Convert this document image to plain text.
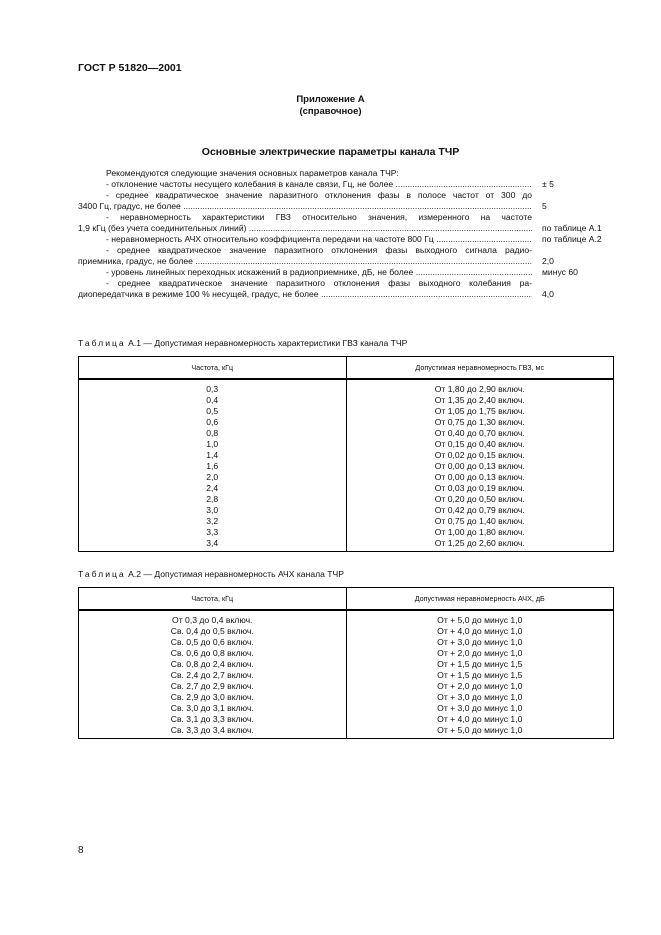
ГОСТ Р 51820—2001
Приложение А
(справочное)
Основные электрические параметры канала ТЧР
Рекомендуются следующие значения основных параметров канала ТЧР:
- отклонение частоты несущего колебания в канале связи, Гц, не более .....	± 5
- среднее квадратическое значение паразитного отклонения фазы в полосе частот от 300 до
3400 Гц, градус, не более .....	5
- неравномерность характеристики ГВЗ относительно значения, измеренного на частоте
1,9 кГц (без учета соединительных линий) .....	по таблице А.1
- неравномерность АЧХ относительно коэффициента передачи на частоте 800 Гц .....	по таблице А.2
- среднее квадратическое значение паразитного отклонения фазы выходного сигнала радио-
приемника, градус, не более .....	2,0
- уровень линейных переходных искажений в радиоприемнике, дБ, не более .....	минус 60
- среднее квадратическое значение паразитного отклонения фазы выходного колебания ра-
диопередатчика в режиме 100 % несущей, градус, не более .....	4,0
Таблица А.1 — Допустимая неравномерность характеристики ГВЗ канала ТЧР
Частота, кГц	Допустимая неравномерность ГВЗ, мс
0,3	От 1,80 до 2,90 включ.
0,4	От 1,35 до 2,40 включ.
0,5	От 1,05 до 1,75 включ.
0,6	От 0,75 до 1,30 включ.
0,8	От 0,40 до 0,70 включ.
1,0	От 0,15 до 0,40 включ.
1,4	От 0,02 до 0,15 включ.
1,6	От 0,00 до 0,13 включ.
2,0	От 0,00 до 0,13 включ.
2,4	От 0,03 до 0,19 включ.
2,8	От 0,20 до 0,50 включ.
3,0	От 0,42 до 0,79 включ.
3,2	От 0,75 до 1,40 включ.
3,3	От 1,00 до 1,80 включ.
3,4	От 1,25 до 2,60 включ.
Таблица А.2 — Допустимая неравномерность АЧХ канала ТЧР
Частота, кГц	Допустимая неравномерность АЧХ, дБ
От 0,3 до 0,4 включ.	От + 5,0 до минус 1,0
Св. 0,4 до 0,5 включ.	От + 4,0 до минус 1,0
Св. 0,5 до 0,6 включ.	От + 3,0 до минус 1,0
Св. 0,6 до 0,8 включ.	От + 2,0 до минус 1,0
Св. 0,8 до 2,4 включ.	От + 1,5 до минус 1,5
Св. 2,4 до 2,7 включ.	От + 1,5 до минус 1,5
Св. 2,7 до 2,9 включ.	От + 2,0 до минус 1,0
Св. 2,9 до 3,0 включ.	От + 3,0 до минус 1,0
Св. 3,0 до 3,1 включ.	От + 3,0 до минус 1,0
Св. 3,1 до 3,3 включ.	От + 4,0 до минус 1,0
Св. 3,3 до 3,4 включ.	От + 5,0 до минус 1,0
8
